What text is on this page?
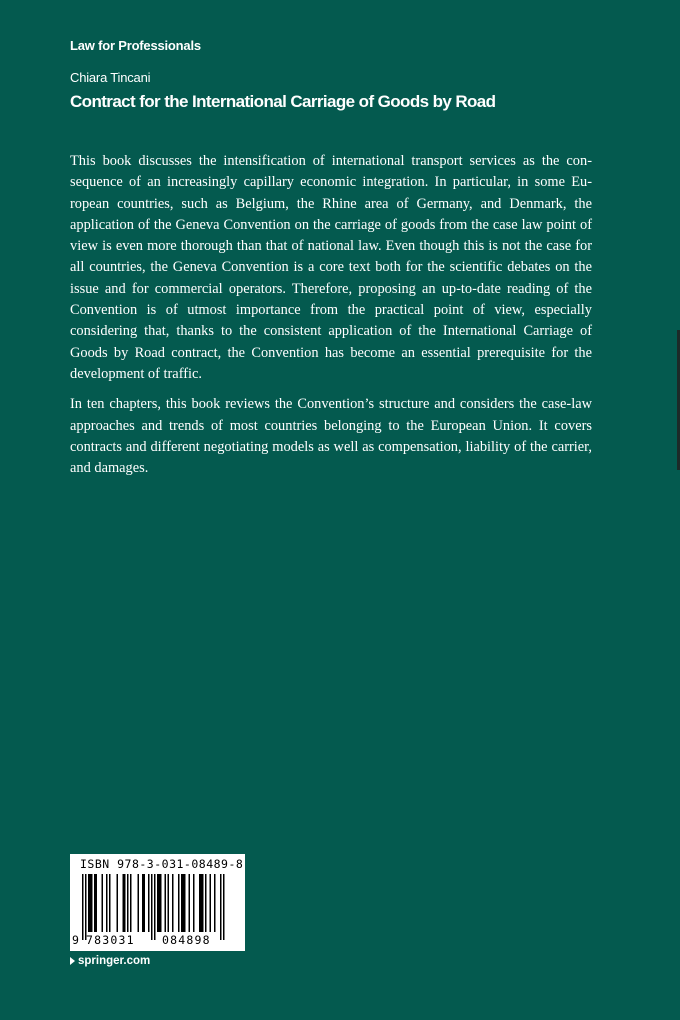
Law for Professionals
Chiara Tincani
Contract for the International Carriage of Goods by Road

This book discusses the intensification of international transport services as the consequence of an increasingly capillary economic integration. In particular, in some European countries, such as Belgium, the Rhine area of Germany, and Denmark, the application of the Geneva Convention on the carriage of goods from the case law point of view is even more thorough than that of national law. Even though this is not the case for all countries, the Geneva Convention is a core text both for the scientific debates on the issue and for commercial operators. Therefore, proposing an up-to-date reading of the Convention is of utmost importance from the practical point of view, especially considering that, thanks to the consistent application of the International Carriage of Goods by Road contract, the Convention has become an essential prerequisite for the development of traffic.

In ten chapters, this book reviews the Convention’s structure and considers the case-law approaches and trends of most countries belonging to the European Union. It covers contracts and different negotiating models as well as compensation, liability of the carrier, and damages.

ISBN 978-3-031-08489-8
9 783031 084898
springer.com
